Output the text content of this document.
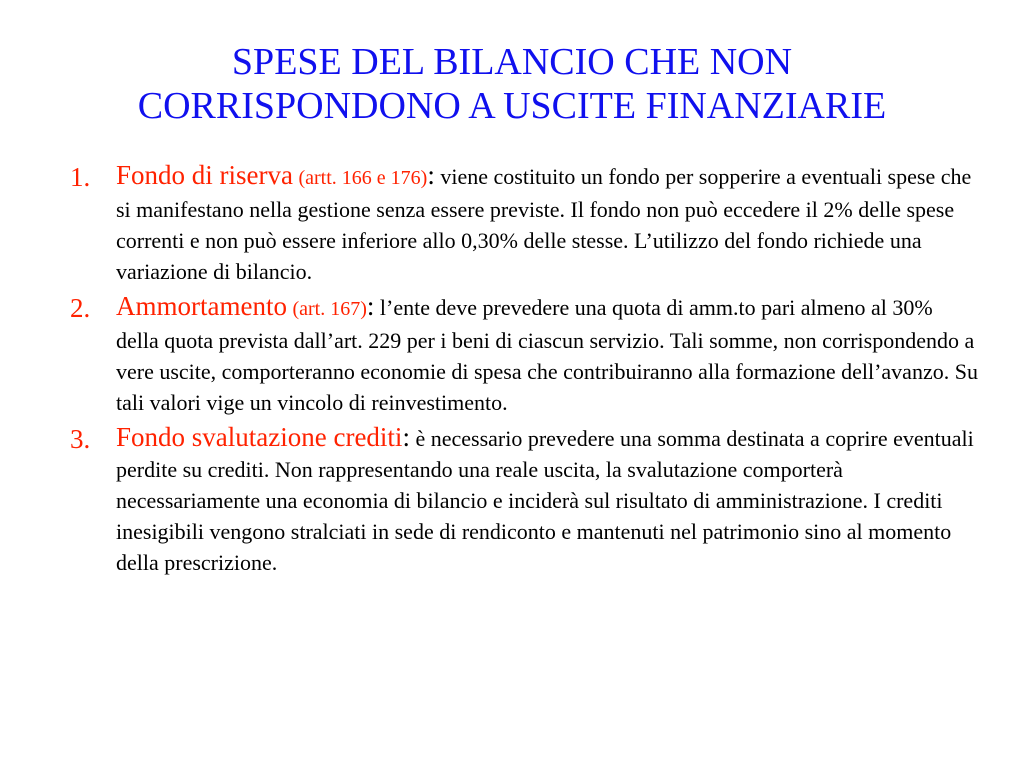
SPESE DEL BILANCIO CHE NON
CORRISPONDONO A USCITE FINANZIARIE
1. Fondo di riserva (artt. 166 e 176): viene costituito un fondo per sopperire a eventuali spese che si manifestano nella gestione senza essere previste. Il fondo non può eccedere il 2% delle spese correnti e non può essere inferiore allo 0,30% delle stesse. L’utilizzo del fondo richiede una variazione di bilancio.
2. Ammortamento (art. 167): l’ente deve prevedere una quota di amm.to pari almeno al 30% della quota prevista dall’art. 229 per i beni di ciascun servizio. Tali somme, non corrispondendo a vere uscite, comporteranno economie di spesa che contribuiranno alla formazione dell’avanzo. Su tali valori vige un vincolo di reinvestimento.
3. Fondo svalutazione crediti: è necessario prevedere una somma destinata a coprire eventuali perdite su crediti. Non rappresentando una reale uscita, la svalutazione comporterà necessariamente una economia di bilancio e inciderà sul risultato di amministrazione. I crediti inesigibili vengono stralciati in sede di rendiconto e mantenuti nel patrimonio sino al momento della prescrizione.
